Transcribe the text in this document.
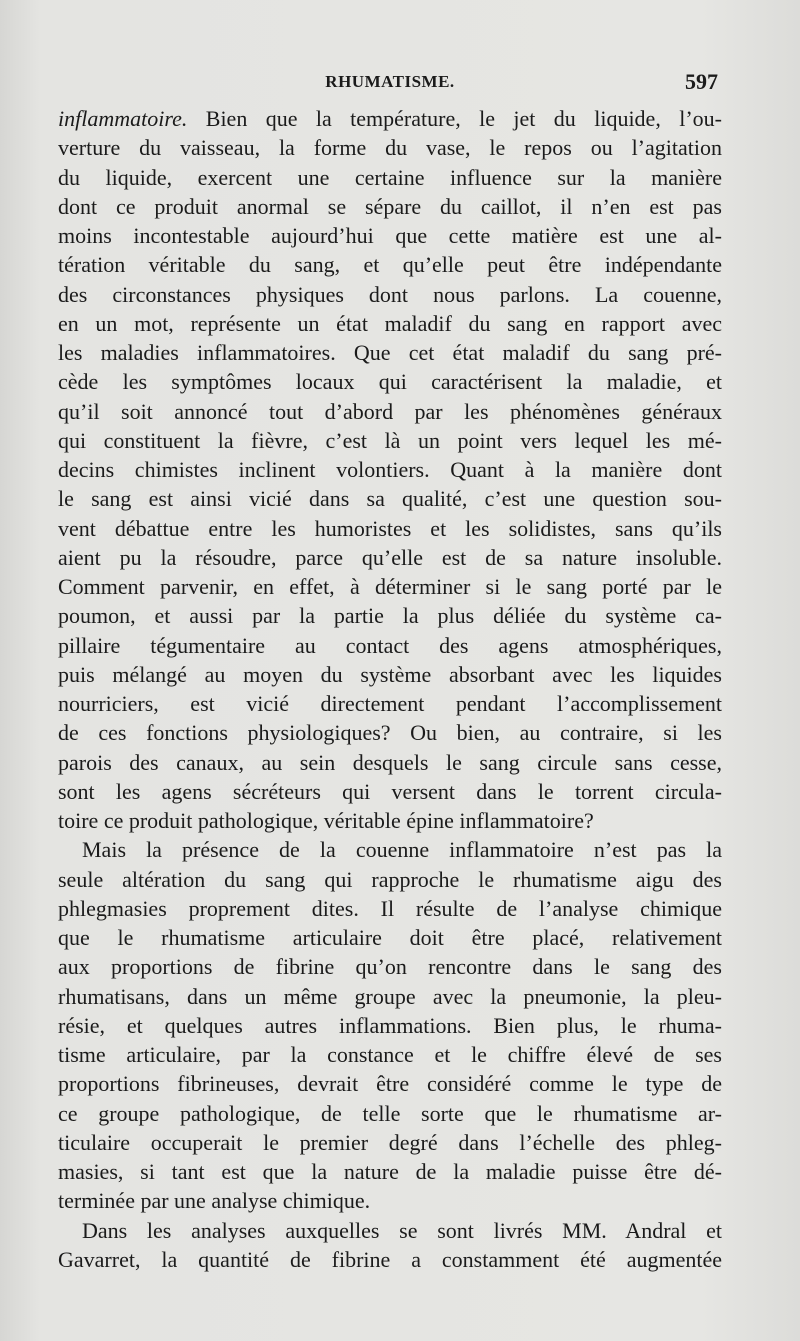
RHUMATISME.	597
inflammatoire. Bien que la température, le jet du liquide, l’ou-
verture du vaisseau, la forme du vase, le repos ou l’agitation
du liquide, exercent une certaine influence sur la manière
dont ce produit anormal se sépare du caillot, il n’en est pas
moins incontestable aujourd’hui que cette matière est une al-
tération véritable du sang, et qu’elle peut être indépendante
des circonstances physiques dont nous parlons. La couenne,
en un mot, représente un état maladif du sang en rapport avec
les maladies inflammatoires. Que cet état maladif du sang pré-
cède les symptômes locaux qui caractérisent la maladie, et
qu’il soit annoncé tout d’abord par les phénomènes généraux
qui constituent la fièvre, c’est là un point vers lequel les mé-
decins chimistes inclinent volontiers. Quant à la manière dont
le sang est ainsi vicié dans sa qualité, c’est une question sou-
vent débattue entre les humoristes et les solidistes, sans qu’ils
aient pu la résoudre, parce qu’elle est de sa nature insoluble.
Comment parvenir, en effet, à déterminer si le sang porté par le
poumon, et aussi par la partie la plus déliée du système ca-
pillaire tégumentaire au contact des agens atmosphériques,
puis mélangé au moyen du système absorbant avec les liquides
nourriciers, est vicié directement pendant l’accomplissement
de ces fonctions physiologiques? Ou bien, au contraire, si les
parois des canaux, au sein desquels le sang circule sans cesse,
sont les agens sécréteurs qui versent dans le torrent circula-
toire ce produit pathologique, véritable épine inflammatoire?
Mais la présence de la couenne inflammatoire n’est pas la
seule altération du sang qui rapproche le rhumatisme aigu des
phlegmasies proprement dites. Il résulte de l’analyse chimique
que le rhumatisme articulaire doit être placé, relativement
aux proportions de fibrine qu’on rencontre dans le sang des
rhumatisans, dans un même groupe avec la pneumonie, la pleu-
résie, et quelques autres inflammations. Bien plus, le rhuma-
tisme articulaire, par la constance et le chiffre élevé de ses
proportions fibrineuses, devrait être considéré comme le type de
ce groupe pathologique, de telle sorte que le rhumatisme ar-
ticulaire occuperait le premier degré dans l’échelle des phleg-
masies, si tant est que la nature de la maladie puisse être dé-
terminée par une analyse chimique.
Dans les analyses auxquelles se sont livrés MM. Andral et
Gavarret, la quantité de fibrine a constamment été augmentée
